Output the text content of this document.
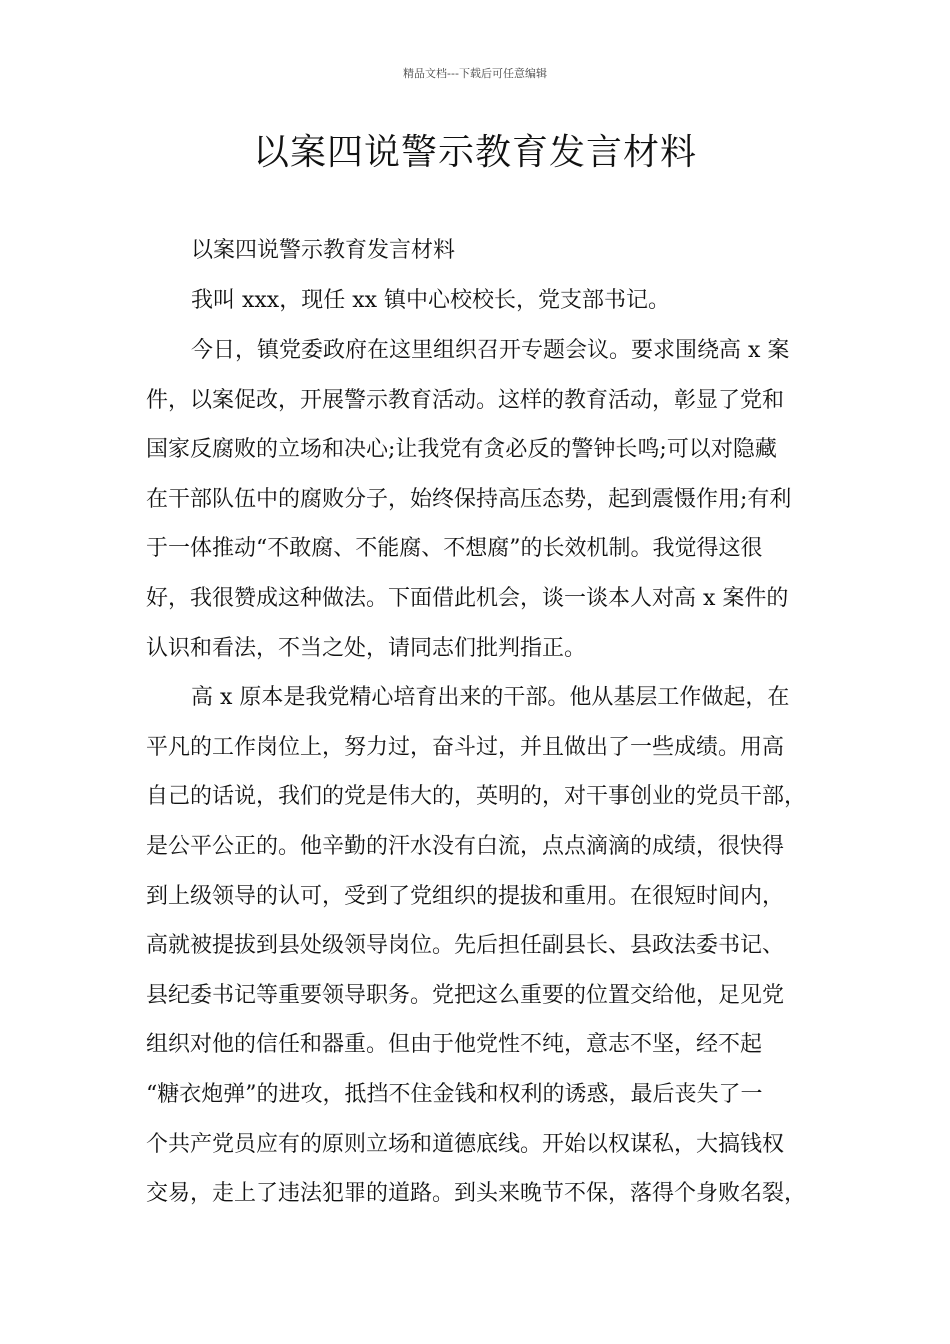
精品文档---下载后可任意编辑
以案四说警示教育发言材料
以案四说警示教育发言材料
我叫 xxx，现任 xx 镇中心校校长，党支部书记。
今日，镇党委政府在这里组织召开专题会议。要求围绕高 x 案
件，以案促改，开展警示教育活动。这样的教育活动，彰显了党和
国家反腐败的立场和决心;让我党有贪必反的警钟长鸣;可以对隐藏
在干部队伍中的腐败分子，始终保持高压态势，起到震慑作用;有利
于一体推动“不敢腐、不能腐、不想腐”的长效机制。我觉得这很
好，我很赞成这种做法。下面借此机会，谈一谈本人对高 x 案件的
认识和看法，不当之处，请同志们批判指正。
高 x 原本是我党精心培育出来的干部。他从基层工作做起，在
平凡的工作岗位上，努力过，奋斗过，并且做出了一些成绩。用高
自己的话说，我们的党是伟大的，英明的，对干事创业的党员干部，
是公平公正的。他辛勤的汗水没有白流，点点滴滴的成绩，很快得
到上级领导的认可，受到了党组织的提拔和重用。在很短时间内，
高就被提拔到县处级领导岗位。先后担任副县长、县政法委书记、
县纪委书记等重要领导职务。党把这么重要的位置交给他，足见党
组织对他的信任和器重。但由于他党性不纯，意志不坚，经不起
“糖衣炮弹”的进攻，抵挡不住金钱和权利的诱惑，最后丧失了一
个共产党员应有的原则立场和道德底线。开始以权谋私，大搞钱权
交易，走上了违法犯罪的道路。到头来晚节不保，落得个身败名裂，
